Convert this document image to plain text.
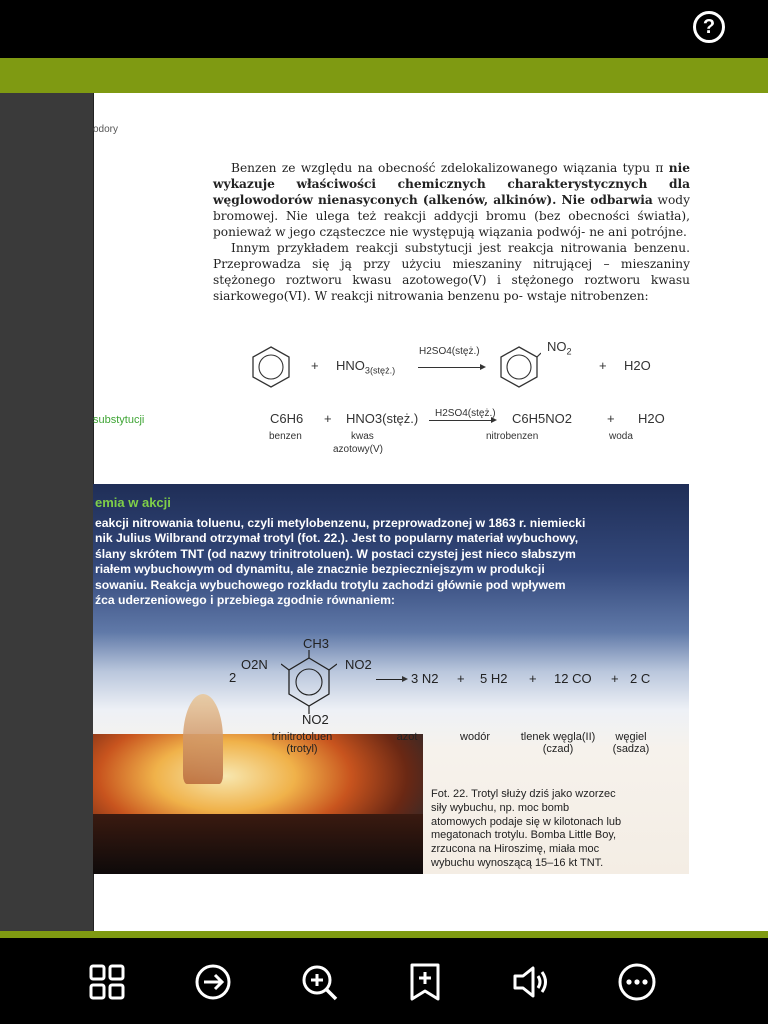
?
odory

Benzen ze względu na obecność zdelokalizowanego wiązania typu π nie wykazuje właściwości chemicznych charakterystycznych dla węglowodorów nienasyconych (alkenów, alkinów). Nie odbarwia wody bromowej. Nie ulega też reakcji addycji bromu (bez obecności światła), ponieważ w jego cząsteczce nie występują wiązania podwój- ne ani potrójne.

Innym przykładem reakcji substytucji jest reakcja nitrowania benzenu. Przeprowadza się ją przy użyciu mieszaniny nitrującej – mieszaniny stężonego roztworu kwasu azotowego(V) i stężonego roztworu kwasu siarkowego(VI). W reakcji nitrowania benzenu po- wstaje nitrobenzen:

+ $HNO_{3(stęż.)}$
H2SO4(stęż.)	$NO_2$
+ H2O
substytucji	C6H6 + HNO3(stęż.) H2SO4(stęż.) C6H5NO2	+ H2O
benzen	kwas
azotowy(V)
nitrobenzen	woda
emia w akcji

eakcji nitrowania toluenu, czyli metylobenzenu, przeprowadzonej w 1863 r. niemiecki

nik Julius Wilbrand otrzymał trotyl (fot. 22.). Jest to popularny materiał wybuchowy,

ślany skrótem TNT (od nazwy trinitrotoluen). W postaci czystej jest nieco słabszym

riałem wybuchowym od dynamitu, ale znacznie bezpieczniejszym w produkcji

sowaniu. Reakcja wybuchowego rozkładu trotylu zachodzi głównie pod wpływem

źca uderzeniowego i przebiega zgodnie równaniem:

2
CH3
O2N	NO2
NO2
→ 3 N2 + 5 H2 + 12 CO + 2 C
trinitrotoluen
(trotyl)
azot	wodór	tlenek węgla(II)
(czad)
węgiel
(sadza)

Fot. 22. Trotyl służy dziś jako wzorzec

siły wybuchu, np. moc bomb

atomowych podaje się w kilotonach lub

megatonach trotylu. Bomba Little Boy,

zrzucona na Hiroszimę, miała moc

wybuchu wynoszącą 15–16 kt TNT.
